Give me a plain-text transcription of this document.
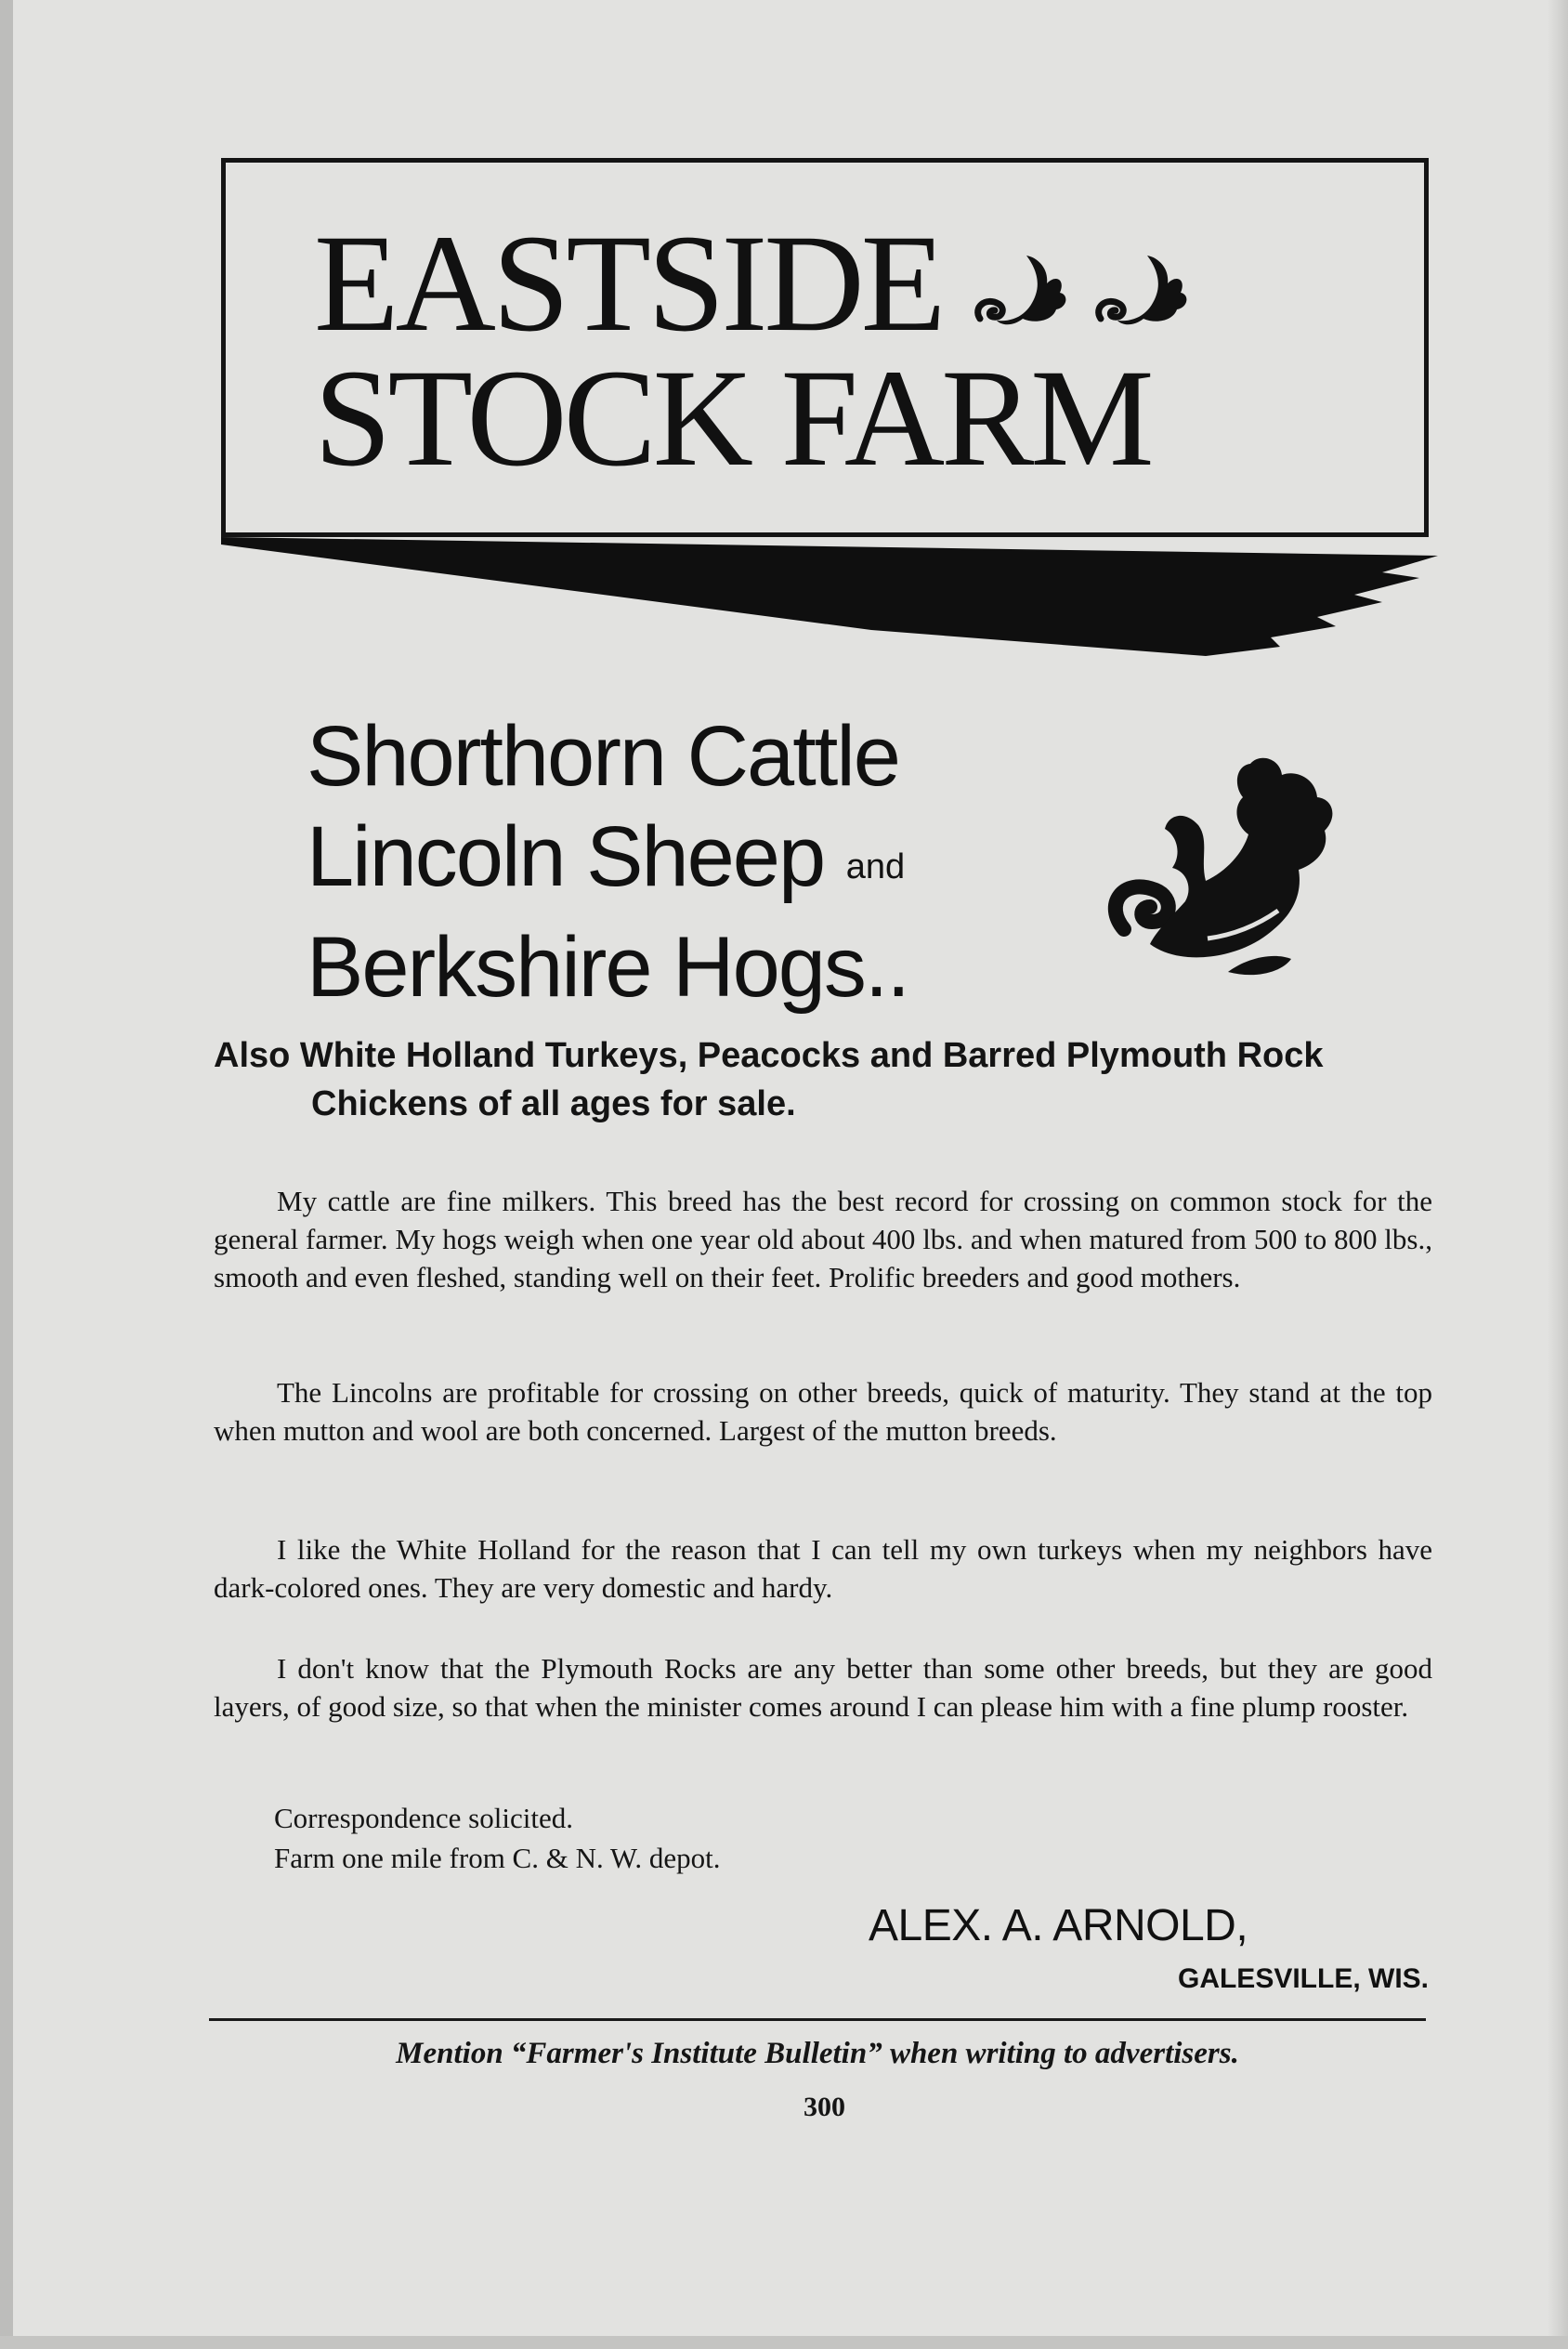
EASTSIDE
STOCK FARM
Shorthorn Cattle
Lincoln Sheep and
Berkshire Hogs..
Also White Holland Turkeys, Peacocks and Barred Plymouth Rock
Chickens of all ages for sale.

My cattle are fine milkers. This breed has the best record for crossing on common stock for the general farmer. My hogs weigh when one year old about 400 lbs. and when matured from 500 to 800 lbs., smooth and even fleshed, standing well on their feet. Prolific breeders and good mothers.

The Lincolns are profitable for crossing on other breeds, quick of maturity. They stand at the top when mutton and wool are both concerned. Largest of the mutton breeds.

I like the White Holland for the reason that I can tell my own turkeys when my neighbors have dark-colored ones. They are very domestic and hardy.

I don't know that the Plymouth Rocks are any better than some other breeds, but they are good layers, of good size, so that when the minister comes around I can please him with a fine plump rooster.

Correspondence solicited.
Farm one mile from C. & N. W. depot.
ALEX. A. ARNOLD,
GALESVILLE, WIS.
Mention “Farmer's Institute Bulletin” when writing to advertisers.
300
